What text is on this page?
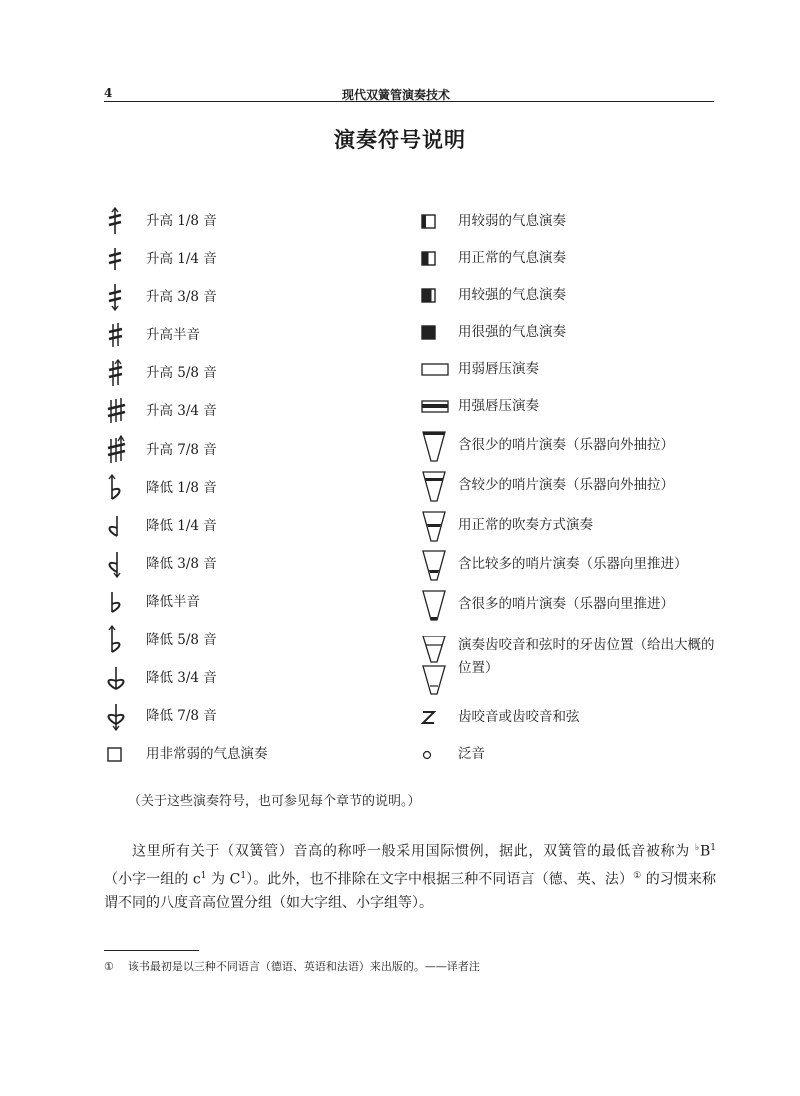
4	现代双簧管演奏技术
演奏符号说明
升高 1/8 音
升高 1/4 音
升高 3/8 音
升高半音
升高 5/8 音
升高 3/4 音
升高 7/8 音
降低 1/8 音
降低 1/4 音
降低 3/8 音
降低半音
降低 5/8 音
降低 3/4 音
降低 7/8 音
用非常弱的气息演奏
用较弱的气息演奏
用正常的气息演奏
用较强的气息演奏
用很强的气息演奏
用弱唇压演奏
用强唇压演奏
含很少的哨片演奏（乐器向外抽拉）
含较少的哨片演奏（乐器向外抽拉）
用正常的吹奏方式演奏
含比较多的哨片演奏（乐器向里推进）
含很多的哨片演奏（乐器向里推进）
演奏齿咬音和弦时的牙齿位置（给出大概的位置）
齿咬音或齿咬音和弦
泛音
（关于这些演奏符号，也可参见每个章节的说明。）
这里所有关于（双簧管）音高的称呼一般采用国际惯例，据此，双簧管的最低音被称为 $^♭B^1$（小字一组的 $c^1$ 为 $C^1$）。此外，也不排除在文字中根据三种不同语言（德、英、法）① 的习惯来称谓不同的八度音高位置分组（如大字组、小字组等）。
① 该书最初是以三种不同语言（德语、英语和法语）来出版的。——译者注
